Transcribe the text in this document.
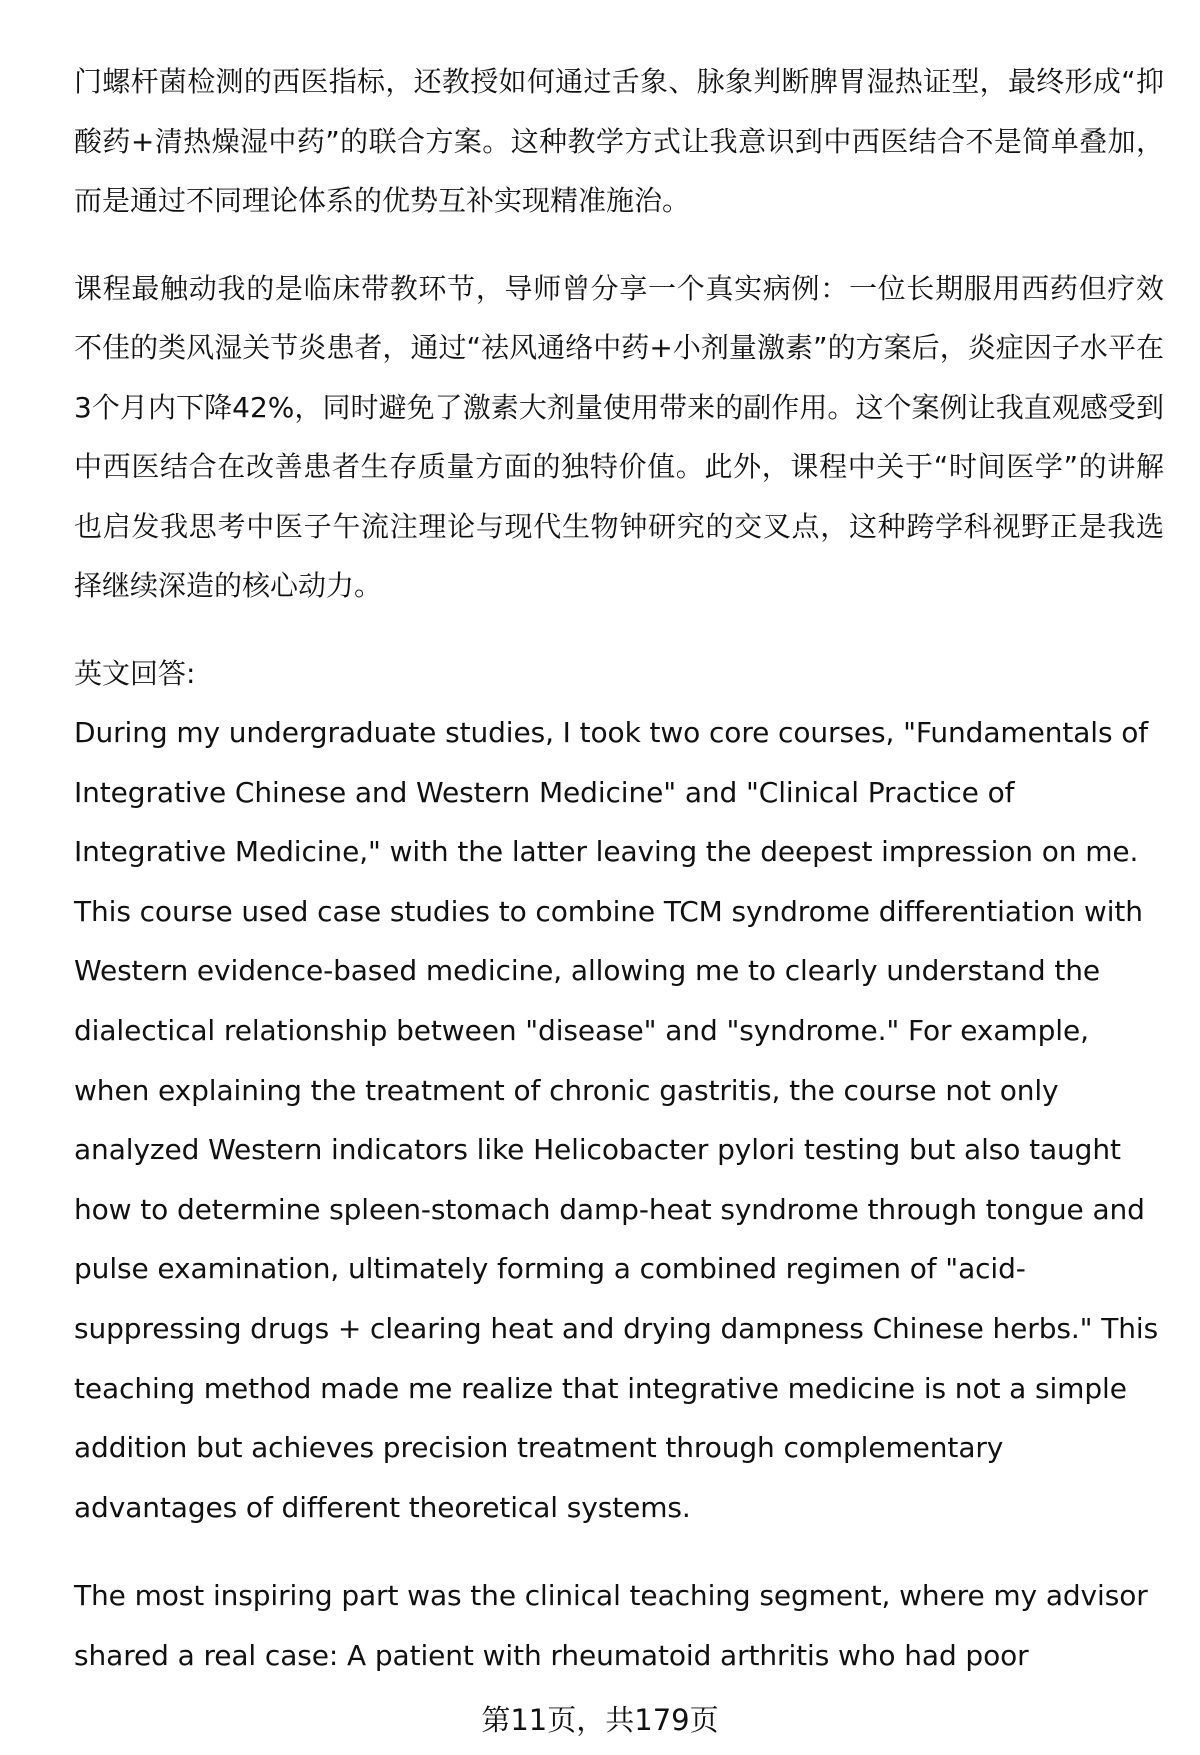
门螺杆菌检测的西医指标，还教授如何通过舌象、脉象判断脾胃湿热证型，最终形成“抑酸药+清热燥湿中药”的联合方案。这种教学方式让我意识到中西医结合不是简单叠加，而是通过不同理论体系的优势互补实现精准施治。

课程最触动我的是临床带教环节，导师曾分享一个真实病例：一位长期服用西药但疗效不佳的类风湿关节炎患者，通过“祛风通络中药+小剂量激素”的方案后，炎症因子水平在3个月内下降42%，同时避免了激素大剂量使用带来的副作用。这个案例让我直观感受到中西医结合在改善患者生存质量方面的独特价值。此外，课程中关于“时间医学”的讲解也启发我思考中医子午流注理论与现代生物钟研究的交叉点，这种跨学科视野正是我选择继续深造的核心动力。

英文回答:

During my undergraduate studies, I took two core courses, "Fundamentals of Integrative Chinese and Western Medicine" and "Clinical Practice of Integrative Medicine," with the latter leaving the deepest impression on me. This course used case studies to combine TCM syndrome differentiation with Western evidence-based medicine, allowing me to clearly understand the dialectical relationship between "disease" and "syndrome." For example, when explaining the treatment of chronic gastritis, the course not only analyzed Western indicators like Helicobacter pylori testing but also taught how to determine spleen-stomach damp-heat syndrome through tongue and pulse examination, ultimately forming a combined regimen of "acid-suppressing drugs + clearing heat and drying dampness Chinese herbs." This teaching method made me realize that integrative medicine is not a simple addition but achieves precision treatment through complementary advantages of different theoretical systems.

The most inspiring part was the clinical teaching segment, where my advisor shared a real case: A patient with rheumatoid arthritis who had poor

第11页，共179页
